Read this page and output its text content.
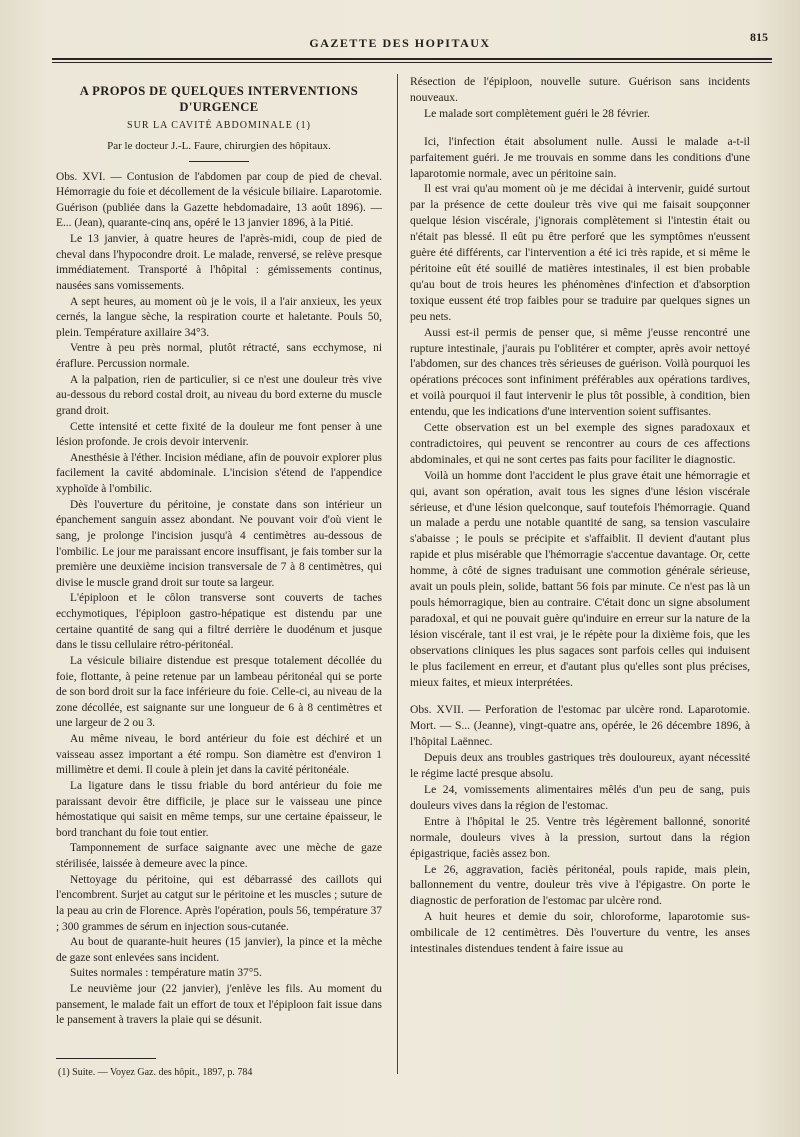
GAZETTE DES HOPITAUX	815

A PROPOS DE QUELQUES INTERVENTIONS D'URGENCE

SUR LA CAVITÉ ABDOMINALE (1)

Par le docteur J.-L. Faure, chirurgien des hôpitaux.

Obs. XVI. — Contusion de l'abdomen par coup de pied de cheval. Hémorragie du foie et décollement de la vésicule biliaire. Laparotomie. Guérison (publiée dans la Gazette hebdomadaire, 13 août 1896). — E... (Jean), quarante-cinq ans, opéré le 13 janvier 1896, à la Pitié.

Le 13 janvier, à quatre heures de l'après-midi, coup de pied de cheval dans l'hypocondre droit. Le malade, renversé, se relève presque immédiatement. Transporté à l'hôpital : gémissements continus, nausées sans vomissements.

A sept heures, au moment où je le vois, il a l'air anxieux, les yeux cernés, la langue sèche, la respiration courte et haletante. Pouls 50, plein. Température axillaire 34°3.

Ventre à peu près normal, plutôt rétracté, sans ecchymose, ni éraflure. Percussion normale.

A la palpation, rien de particulier, si ce n'est une douleur très vive au-dessous du rebord costal droit, au niveau du bord externe du muscle grand droit.

Cette intensité et cette fixité de la douleur me font penser à une lésion profonde. Je crois devoir intervenir.

Anesthésie à l'éther. Incision médiane, afin de pouvoir explorer plus facilement la cavité abdominale. L'incision s'étend de l'appendice xyphoïde à l'ombilic.

Dès l'ouverture du péritoine, je constate dans son intérieur un épanchement sanguin assez abondant. Ne pouvant voir d'où vient le sang, je prolonge l'incision jusqu'à 4 centimètres au-dessous de l'ombilic. Le jour me paraissant encore insuffisant, je fais tomber sur la première une deuxième incision transversale de 7 à 8 centimètres, qui divise le muscle grand droit sur toute sa largeur.

L'épiploon et le côlon transverse sont couverts de taches ecchymotiques, l'épiploon gastro-hépatique est distendu par une certaine quantité de sang qui a filtré derrière le duodénum et jusque dans le tissu cellulaire rétro-péritonéal.

La vésicule biliaire distendue est presque totalement décollée du foie, flottante, à peine retenue par un lambeau péritonéal qui se porte de son bord droit sur la face inférieure du foie. Celle-ci, au niveau de la zone décollée, est saignante sur une longueur de 6 à 8 centimètres et une largeur de 2 ou 3.

Au même niveau, le bord antérieur du foie est déchiré et un vaisseau assez important a été rompu. Son diamètre est d'environ 1 millimètre et demi. Il coule à plein jet dans la cavité péritonéale.

La ligature dans le tissu friable du bord antérieur du foie me paraissant devoir être difficile, je place sur le vaisseau une pince hémostatique qui saisit en même temps, sur une certaine épaisseur, le bord tranchant du foie tout entier.

Tamponnement de surface saignante avec une mèche de gaze stérilisée, laissée à demeure avec la pince.

Nettoyage du péritoine, qui est débarrassé des caillots qui l'encombrent. Surjet au catgut sur le péritoine et les muscles ; suture de la peau au crin de Florence. Après l'opération, pouls 56, température 37 ; 300 grammes de sérum en injection sous-cutanée.

Au bout de quarante-huit heures (15 janvier), la pince et la mèche de gaze sont enlevées sans incident.

Suites normales : température matin 37°5.

Le neuvième jour (22 janvier), j'enlève les fils. Au moment du pansement, le malade fait un effort de toux et l'épiploon fait issue dans le pansement à travers la plaie qui se désunit.

Résection de l'épiploon, nouvelle suture. Guérison sans incidents nouveaux.

Le malade sort complètement guéri le 28 février.

Ici, l'infection était absolument nulle. Aussi le malade a-t-il parfaitement guéri. Je me trouvais en somme dans les conditions d'une laparotomie normale, avec un péritoine sain.

Il est vrai qu'au moment où je me décidai à intervenir, guidé surtout par la présence de cette douleur très vive qui me faisait soupçonner quelque lésion viscérale, j'ignorais complètement si l'intestin était ou n'était pas blessé. Il eût pu être perforé que les symptômes n'eussent guère été différents, car l'intervention a été ici très rapide, et si même le péritoine eût été souillé de matières intestinales, il est bien probable qu'au bout de trois heures les phénomènes d'infection et d'absorption toxique eussent été trop faibles pour se traduire par quelques signes un peu nets.

Aussi est-il permis de penser que, si même j'eusse rencontré une rupture intestinale, j'aurais pu l'oblitérer et compter, après avoir nettoyé l'abdomen, sur des chances très sérieuses de guérison. Voilà pourquoi les opérations précoces sont infiniment préférables aux opérations tardives, et voilà pourquoi il faut intervenir le plus tôt possible, à condition, bien entendu, que les indications d'une intervention soient suffisantes.

Cette observation est un bel exemple des signes paradoxaux et contradictoires, qui peuvent se rencontrer au cours de ces affections abdominales, et qui ne sont certes pas faits pour faciliter le diagnostic.

Voilà un homme dont l'accident le plus grave était une hémorragie et qui, avant son opération, avait tous les signes d'une lésion viscérale sérieuse, et d'une lésion quelconque, sauf toutefois l'hémorragie. Quand un malade a perdu une notable quantité de sang, sa tension vasculaire s'abaisse ; le pouls se précipite et s'affaiblit. Il devient d'autant plus rapide et plus misérable que l'hémorragie s'accentue davantage. Or, cette homme, à côté de signes traduisant une commotion générale sérieuse, avait un pouls plein, solide, battant 56 fois par minute. Ce n'est pas là un pouls hémorragique, bien au contraire. C'était donc un signe absolument paradoxal, et qui ne pouvait guère qu'induire en erreur sur la nature de la lésion viscérale, tant il est vrai, je le répète pour la dixième fois, que les observations cliniques les plus sagaces sont parfois celles qui induisent le plus facilement en erreur, et d'autant plus qu'elles sont plus précises, mieux faites, et mieux interprétées.

Obs. XVII. — Perforation de l'estomac par ulcère rond. Laparotomie. Mort. — S... (Jeanne), vingt-quatre ans, opérée, le 26 décembre 1896, à l'hôpital Laënnec.

Depuis deux ans troubles gastriques très douloureux, ayant nécessité le régime lacté presque absolu.

Le 24, vomissements alimentaires mêlés d'un peu de sang, puis douleurs vives dans la région de l'estomac.

Entre à l'hôpital le 25. Ventre très légèrement ballonné, sonorité normale, douleurs vives à la pression, surtout dans la région épigastrique, faciès assez bon.

Le 26, aggravation, faciès péritonéal, pouls rapide, mais plein, ballonnement du ventre, douleur très vive à l'épigastre. On porte le diagnostic de perforation de l'estomac par ulcère rond.

A huit heures et demie du soir, chloroforme, laparotomie sus-ombilicale de 12 centimètres. Dès l'ouverture du ventre, les anses intestinales distendues tendent à faire issue au

(1) Suite. — Voyez Gaz. des hôpit., 1897, p. 784
